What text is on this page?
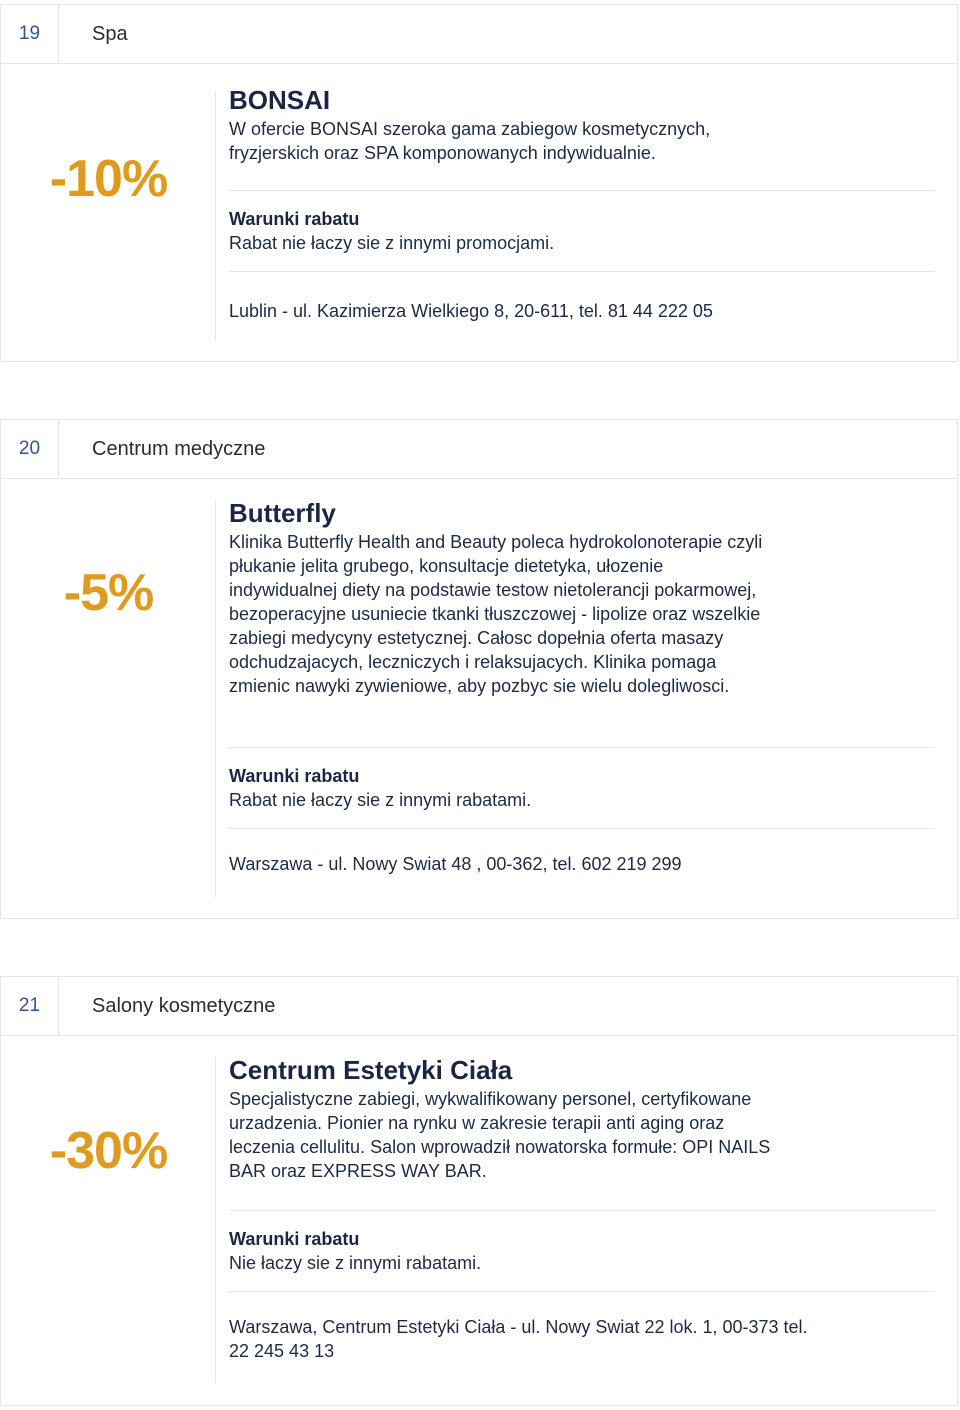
19	Spa
-10%
BONSAI

W ofercie BONSAI szeroka gama zabiegow kosmetycznych, fryzjerskich oraz SPA komponowanych indywidualnie.

Warunki rabatu
Rabat nie łaczy sie z innymi promocjami.
Lublin - ul. Kazimierza Wielkiego 8, 20-611, tel. 81 44 222 05
20	Centrum medyczne
-5%
Butterfly

Klinika Butterfly Health and Beauty poleca hydrokolonoterapie czyli płukanie jelita grubego, konsultacje dietetyka, ułozenie indywidualnej diety na podstawie testow nietolerancji pokarmowej, bezoperacyjne usuniecie tkanki tłuszczowej - lipolize oraz wszelkie zabiegi medycyny estetycznej. Całosc dopełnia oferta masazy odchudzajacych, leczniczych i relaksujacych. Klinika pomaga zmienic nawyki zywieniowe, aby pozbyc sie wielu dolegliwosci.

Warunki rabatu
Rabat nie łaczy sie z innymi rabatami.
Warszawa - ul. Nowy Swiat 48 , 00-362, tel. 602 219 299
21	Salony kosmetyczne
-30%
Centrum Estetyki Ciała

Specjalistyczne zabiegi, wykwalifikowany personel, certyfikowane urzadzenia. Pionier na rynku w zakresie terapii anti aging oraz leczenia cellulitu. Salon wprowadził nowatorska formułe: OPI NAILS BAR oraz EXPRESS WAY BAR.

Warunki rabatu
Nie łaczy sie z innymi rabatami.
Warszawa, Centrum Estetyki Ciała - ul. Nowy Swiat 22 lok. 1, 00-373 tel. 22 245 43 13
